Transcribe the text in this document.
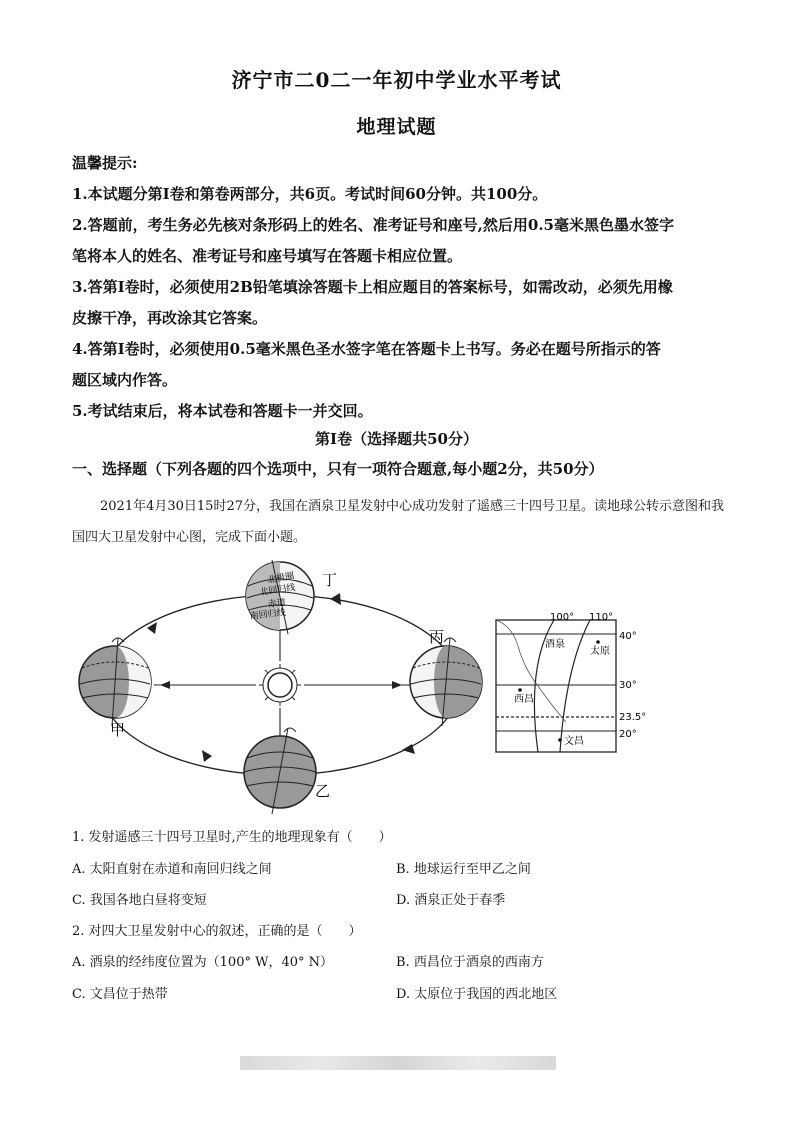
济宁市二0二一年初中学业水平考试
地理试题
温馨提示:
1.本试题分第Ⅰ卷和第卷两部分，共6页。考试时间60分钟。共100分。
2.答题前，考生务必先核对条形码上的姓名、准考证号和座号,然后用0.5毫米黑色墨水签字
笔将本人的姓名、准考证号和座号填写在答题卡相应位置。
3.答第Ⅰ卷时，必须使用2B铅笔填涂答题卡上相应题目的答案标号，如需改动，必须先用橡
皮擦干净，再改涂其它答案。
4.答第Ⅰ卷时，必须使用0.5毫米黑色圣水签字笔在答题卡上书写。务必在题号所指示的答
题区域内作答。
5.考试结束后，将本试卷和答题卡一并交回。
第Ⅰ卷（选择题共50分）
一、选择题（下列各题的四个选项中，只有一项符合题意,每小题2分，共50分）
2021年4月30日15时27分，我国在酒泉卫星发射中心成功发射了遥感三十四号卫星。读地球公转示意图和我国四大卫星发射中心图，完成下面小题。
北极圈
北回归线
赤道
南回归线
甲
乙
丙
丁
100° 110°
40°
30°
23.5°
20°
酒泉
太原
西昌
文昌
1. 发射遥感三十四号卫星时,产生的地理现象有（　　）
A. 太阳直射在赤道和南回归线之间	B. 地球运行至甲乙之间
C. 我国各地白昼将变短	D. 酒泉正处于春季
2. 对四大卫星发射中心的叙述，正确的是（　　）
A. 酒泉的经纬度位置为（100° W，40° N）	B. 西昌位于酒泉的西南方
C. 文昌位于热带	D. 太原位于我国的西北地区
